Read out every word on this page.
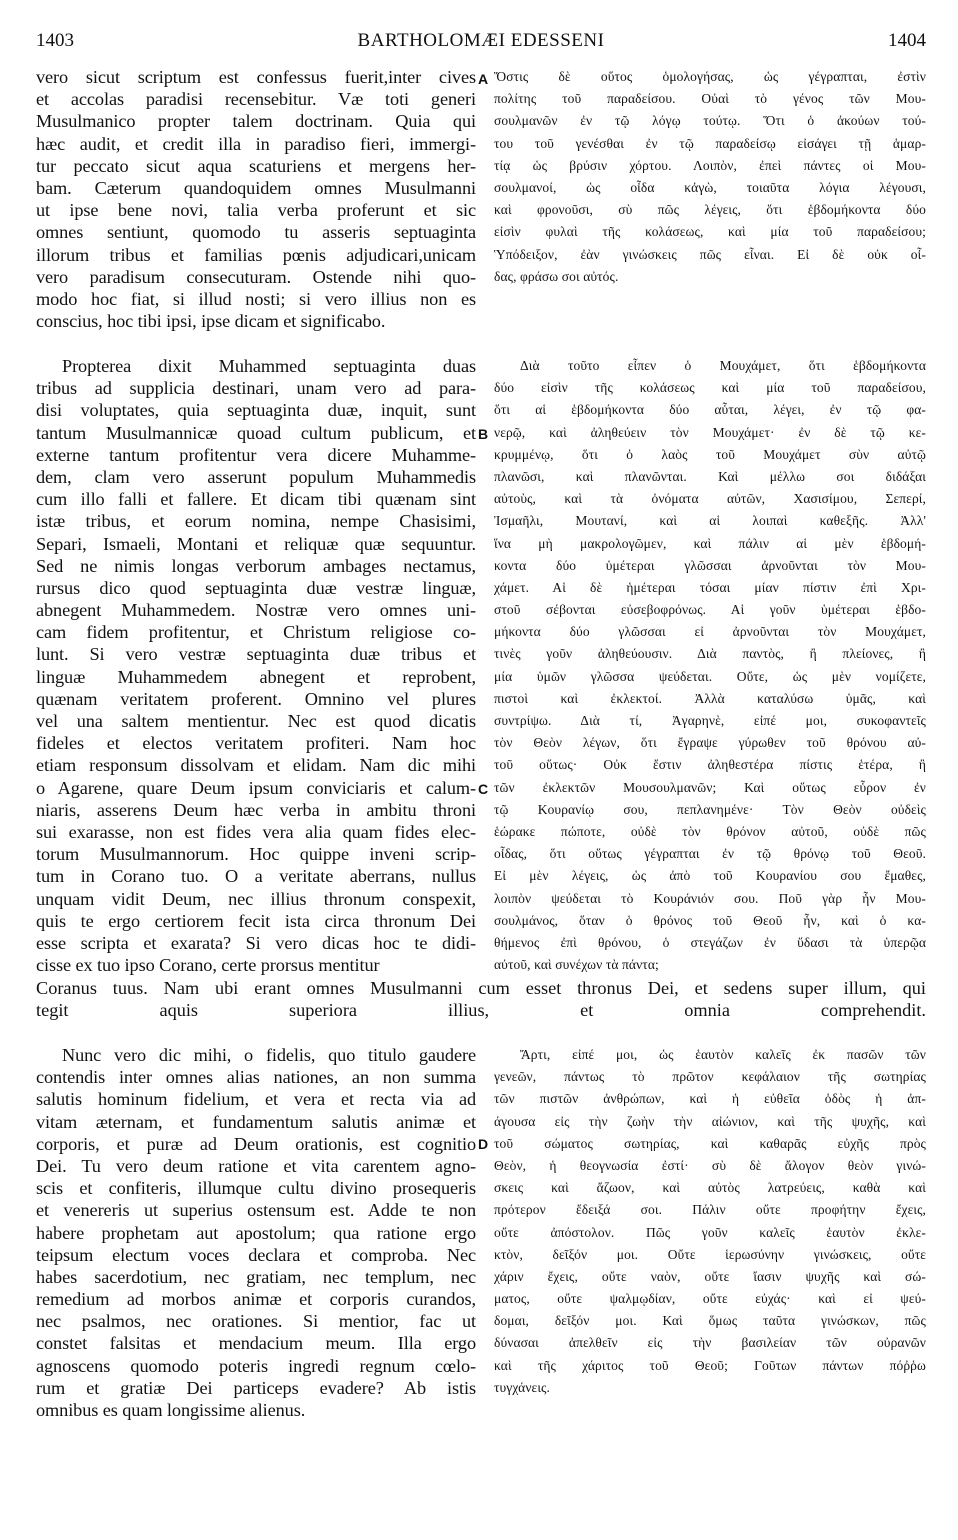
1403	BARTHOLOMÆI EDESSENI	1404
A
B
C
D
vero sicut scriptum est confessus fuerit,inter cives
et accolas paradisi recensebitur. Væ toti generi
Musulmanico propter talem doctrinam. Quia qui
hæc audit, et credit illa in paradiso fieri, immergi-
tur peccato sicut aqua scaturiens et mergens her-
bam. Cæterum quandoquidem omnes Musulmanni
ut ipse bene novi, talia verba proferunt et sic
omnes sentiunt, quomodo tu asseris septuaginta
illorum tribus et familias pœnis adjudicari,unicam
vero paradisum consecuturam. Ostende nihi quo-
modo hoc fiat, si illud nosti; si vero illius non es
conscius, hoc tibi ipsi, ipse dicam et significabo.
Propterea dixit Muhammed septuaginta duas
tribus ad supplicia destinari, unam vero ad para-
disi voluptates, quia septuaginta duæ, inquit, sunt
tantum Musulmannicæ quoad cultum publicum, et
externe tantum profitentur vera dicere Muhamme-
dem, clam vero asserunt populum Muhammedis
cum illo falli et fallere. Et dicam tibi quænam sint
istæ tribus, et eorum nomina, nempe Chasisimi,
Separi, Ismaeli, Montani et reliquæ quæ sequuntur.
Sed ne nimis longas verborum ambages nectamus,
rursus dico quod septuaginta duæ vestræ linguæ,
abnegent Muhammedem. Nostræ vero omnes uni-
cam fidem profitentur, et Christum religiose co-
lunt. Si vero vestræ septuaginta duæ tribus et
linguæ Muhammedem abnegent et reprobent,
quænam veritatem proferent. Omnino vel plures
vel una saltem mentientur. Nec est quod dicatis
fideles et electos veritatem profiteri. Nam hoc
etiam responsum dissolvam et elidam. Nam dic mihi
o Agarene, quare Deum ipsum conviciaris et calum-
niaris, asserens Deum hæc verba in ambitu throni
sui exarasse, non est fides vera alia quam fides elec-
torum Musulmannorum. Hoc quippe inveni scrip-
tum in Corano tuo. O a veritate aberrans, nullus
unquam vidit Deum, nec illius thronum conspexit,
quis te ergo certiorem fecit ista circa thronum Dei
esse scripta et exarata? Si vero dicas hoc te didi-
cisse ex tuo ipso Corano, certe prorsus mentitur
Coranus tuus. Nam ubi erant omnes Musulmanni cum esset thronus Dei, et sedens super illum, qui
tegit aquis superiora illius, et omnia comprehendit.
Nunc vero dic mihi, o fidelis, quo titulo gaudere
contendis inter omnes alias nationes, an non summa
salutis hominum fidelium, et vera et recta via ad
vitam æternam, et fundamentum salutis animæ et
corporis, et puræ ad Deum orationis, est cognitio
Dei. Tu vero deum ratione et vita carentem agno-
scis et confiteris, illumque cultu divino prosequeris
et venereris ut superius ostensum est. Adde te non
habere prophetam aut apostolum; qua ratione ergo
teipsum electum voces declara et comproba. Nec
habes sacerdotium, nec gratiam, nec templum, nec
remedium ad morbos animæ et corporis curandos,
nec psalmos, nec orationes. Si mentior, fac ut
constet falsitas et mendacium meum. Illa ergo
agnoscens quomodo poteris ingredi regnum cœlo-
rum et gratiæ Dei particeps evadere? Ab istis
omnibus es quam longissime alienus.
Ὅστις δὲ οὕτος ὁμολογήσας, ὡς γέγραπται, ἐστὶν
πολίτης τοῦ παραδείσου. Οὐαὶ τὸ γένος τῶν Μου-
σουλμανῶν ἐν τῷ λόγῳ τούτῳ. Ὅτι ὁ ἀκούων τού-
του τοῦ γενέσθαι ἐν τῷ παραδείσῳ εἰσάγει τῇ ἁμαρ-
τίᾳ ὡς βρύσιν χόρτου. Λοιπὸν, ἐπεὶ πάντες οἱ Μου-
σουλμανοί, ὡς οἶδα κἀγὼ, τοιαῦτα λόγια λέγουσι,
καὶ φρονοῦσι, σὺ πῶς λέγεις, ὅτι ἑβδομήκοντα δύο
εἰσὶν φυλαὶ τῆς κολάσεως, καὶ μία τοῦ παραδείσου;
Ὑπόδειξον, ἐὰν γινώσκεις πῶς εἶναι. Εἰ δὲ οὐκ οἶ-
δας, φράσω σοι αὐτός.
Διὰ τοῦτο εἶπεν ὁ Μουχάμετ, ὅτι ἑβδομήκοντα
δύο εἰσὶν τῆς κολάσεως καὶ μία τοῦ παραδείσου,
ὅτι αἱ ἑβδομήκοντα δύο αὗται, λέγει, ἐν τῷ φα-
νερῷ, καὶ ἀληθεύειν τὸν Μουχάμετ· ἐν δὲ τῷ κε-
κρυμμένῳ, ὅτι ὁ λαὸς τοῦ Μουχάμετ σὺν αὐτῷ
πλανῶσι, καὶ πλανῶνται. Καὶ μέλλω σοι διδάξαι
αὐτοὺς, καὶ τὰ ὀνόματα αὐτῶν, Χασισίμου, Σεπερί,
Ἰσμαῆλι, Μουτανί, καὶ αἱ λοιπαὶ καθεξῆς. Ἀλλ'
ἵνα μὴ μακρολογῶμεν, καὶ πάλιν αἱ μὲν ἑβδομή-
κοντα δύο ὑμέτεραι γλῶσσαι ἀρνοῦνται τὸν Μου-
χάμετ. Αἱ δὲ ἡμέτεραι τόσαι μίαν πίστιν ἐπὶ Χρι-
στοῦ σέβονται εὐσεβοφρόνως. Αἱ γοῦν ὑμέτεραι ἑβδο-
μήκοντα δύο γλῶσσαι εἰ ἀρνοῦνται τὸν Μουχάμετ,
τινὲς γοῦν ἀληθεύουσιν. Διὰ παντὸς, ἢ πλείονες, ἢ
μία ὑμῶν γλῶσσα ψεύδεται. Οὔτε, ὡς μὲν νομίζετε,
πιστοὶ καὶ ἐκλεκτοί. Ἀλλὰ καταλύσω ὑμᾶς, καὶ
συντρίψω. Διὰ τί, Ἀγαρηνὲ, εἰπέ μοι, συκοφαντεῖς
τὸν Θεὸν λέγων, ὅτι ἔγραψε γύρωθεν τοῦ θρόνου αὐ-
τοῦ οὕτως· Οὐκ ἔστιν ἀληθεστέρα πίστις ἑτέρα, ἢ
τῶν ἐκλεκτῶν Μουσουλμανῶν; Καὶ οὕτως εὗρον ἐν
τῷ Κουρανίῳ σου, πεπλανημένε· Τὸν Θεὸν οὐδεὶς
ἑώρακε πώποτε, οὐδὲ τὸν θρόνον αὐτοῦ, οὐδὲ πῶς
οἶδας, ὅτι οὕτως γέγραπται ἐν τῷ θρόνῳ τοῦ Θεοῦ.
Εἰ μὲν λέγεις, ὡς ἀπὸ τοῦ Κουρανίου σου ἔμαθες,
λοιπὸν ψεύδεται τὸ Κουράνιόν σου. Ποῦ γὰρ ἦν Μου-
σουλμάνος, ὅταν ὁ θρόνος τοῦ Θεοῦ ἦν, καὶ ὁ κα-
θήμενος ἐπὶ θρόνου, ὁ στεγάζων ἐν ὕδασι τὰ ὑπερῷα
αὐτοῦ, καὶ συνέχων τὰ πάντα;
Ἄρτι, εἰπέ μοι, ὡς ἑαυτὸν καλεῖς ἐκ πασῶν τῶν
γενεῶν, πάντως τὸ πρῶτον κεφάλαιον τῆς σωτηρίας
τῶν πιστῶν ἀνθρώπων, καὶ ἡ εὐθεῖα ὁδὸς ἡ ἀπ-
άγουσα εἰς τὴν ζωὴν τὴν αἰώνιον, καὶ τῆς ψυχῆς, καὶ
τοῦ σώματος σωτηρίας, καὶ καθαρᾶς εὐχῆς πρὸς
Θεὸν, ἡ θεογνωσία ἐστί· σὺ δὲ ἄλογον θεὸν γινώ-
σκεις καὶ ἄζωον, καὶ αὐτὸς λατρεύεις, καθὰ καὶ
πρότερον ἔδειξά σοι. Πάλιν οὔτε προφήτην ἔχεις,
οὔτε ἀπόστολον. Πῶς γοῦν καλεῖς ἑαυτὸν ἐκλε-
κτὸν, δεῖξόν μοι. Οὔτε ἱερωσύνην γινώσκεις, οὔτε
χάριν ἔχεις, οὔτε ναὸν, οὔτε ἴασιν ψυχῆς καὶ σώ-
ματος, οὔτε ψαλμῳδίαν, οὔτε εὐχάς· καὶ εἰ ψεύ-
δομαι, δεῖξόν μοι. Καὶ ὅμως ταῦτα γινώσκων, πῶς
δύνασαι ἀπελθεῖν εἰς τὴν βασιλείαν τῶν οὐρανῶν
καὶ τῆς χάριτος τοῦ Θεοῦ; Γοῦτων πάντων πόῤῥω
τυγχάνεις.
